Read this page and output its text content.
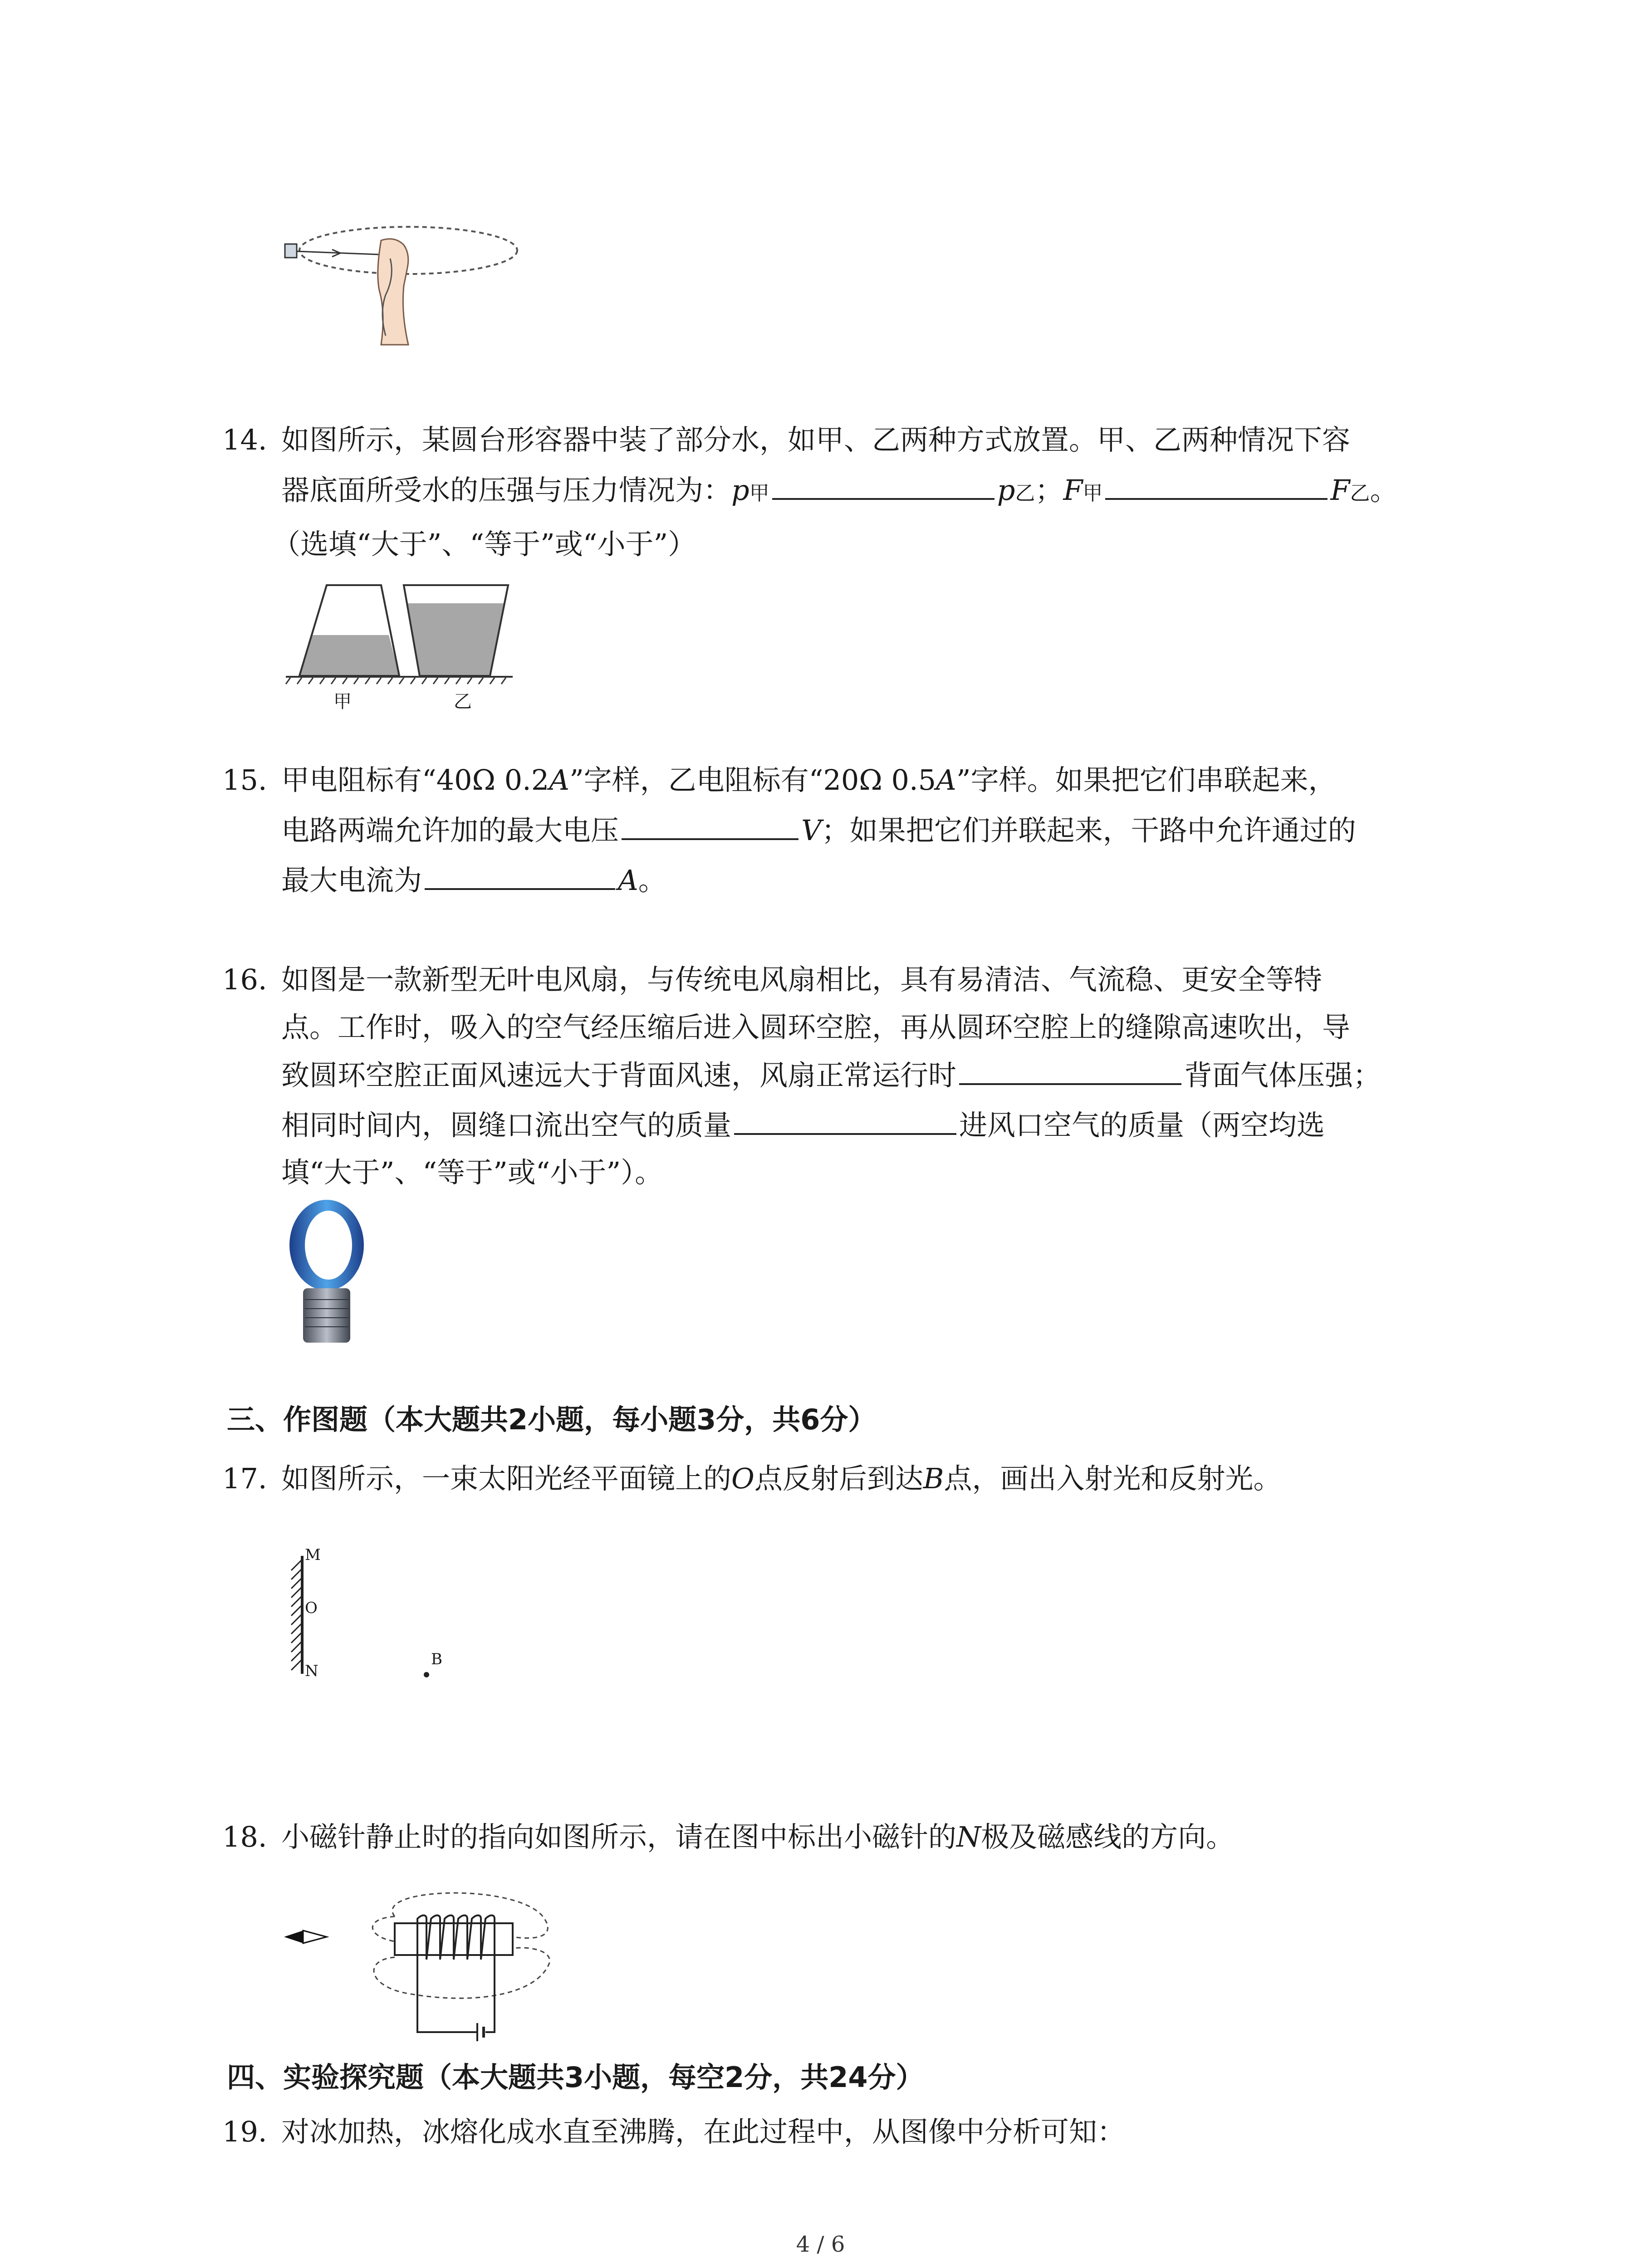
14. 如图所示，某圆台形容器中装了部分水，如甲、乙两种方式放置。甲、乙两种情况下容
器底面所受水的压强与压力情况为：p甲	p乙；F甲	F乙。
（选填“大于”、“等于”或“小于”）
甲	乙
15. 甲电阻标有“40Ω 0.2A”字样，乙电阻标有“20Ω 0.5A”字样。如果把它们串联起来，
电路两端允许加的最大电压	V；如果把它们并联起来，干路中允许通过的
最大电流为	A。
16. 如图是一款新型无叶电风扇，与传统电风扇相比，具有易清洁、气流稳、更安全等特
点。工作时，吸入的空气经压缩后进入圆环空腔，再从圆环空腔上的缝隙高速吹出，导
致圆环空腔正面风速远大于背面风速，风扇正常运行时	背面气体压强；
相同时间内，圆缝口流出空气的质量	进风口空气的质量（两空均选
填“大于”、“等于”或“小于”）。
三、作图题（本大题共2小题，每小题3分，共6分）
17. 如图所示，一束太阳光经平面镜上的O点反射后到达B点，画出入射光和反射光。
M
O
N
B
18. 小磁针静止时的指向如图所示，请在图中标出小磁针的N极及磁感线的方向。
四、实验探究题（本大题共3小题，每空2分，共24分）
19. 对冰加热，冰熔化成水直至沸腾，在此过程中，从图像中分析可知：
4 / 6
